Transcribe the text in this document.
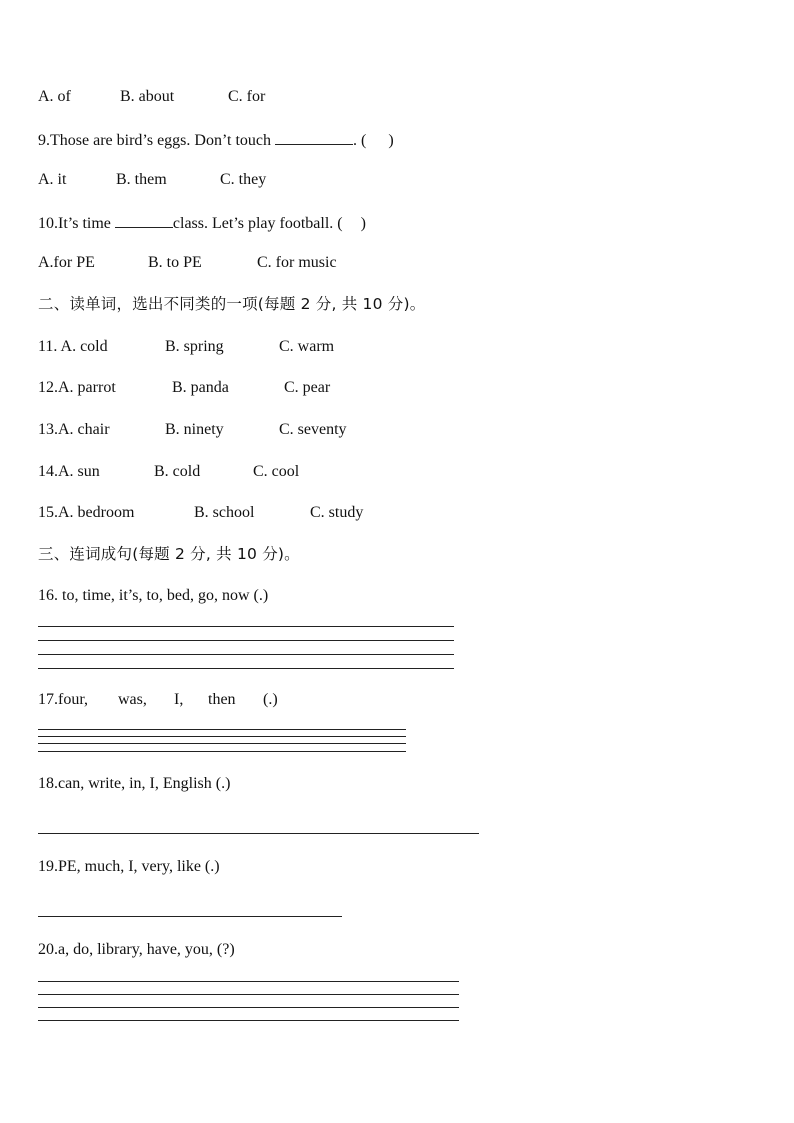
A. of	B. about	C. for
9.Those are bird’s eggs. Don’t touch	. ( )
A. it	B. them	C. they
10.It’s time	class. Let’s play football. ( )
A.for PE	B. to PE	C. for music
二、读单词，选出不同类的一项(每题 2 分, 共 10 分)。
11. A. cold	B. spring	C. warm
12.A. parrot	B. panda	C. pear
13.A. chair	B. ninety	C. seventy
14.A. sun	B. cold	C. cool
15.A. bedroom	B. school	C. study
三、连词成句(每题 2 分, 共 10 分)。
16. to, time, it’s, to, bed, go, now (.)
17.four, was, I, then (.)
18.can, write, in, I, English (.)
19.PE, much, I, very, like (.)
20.a, do, library, have, you, (?)
